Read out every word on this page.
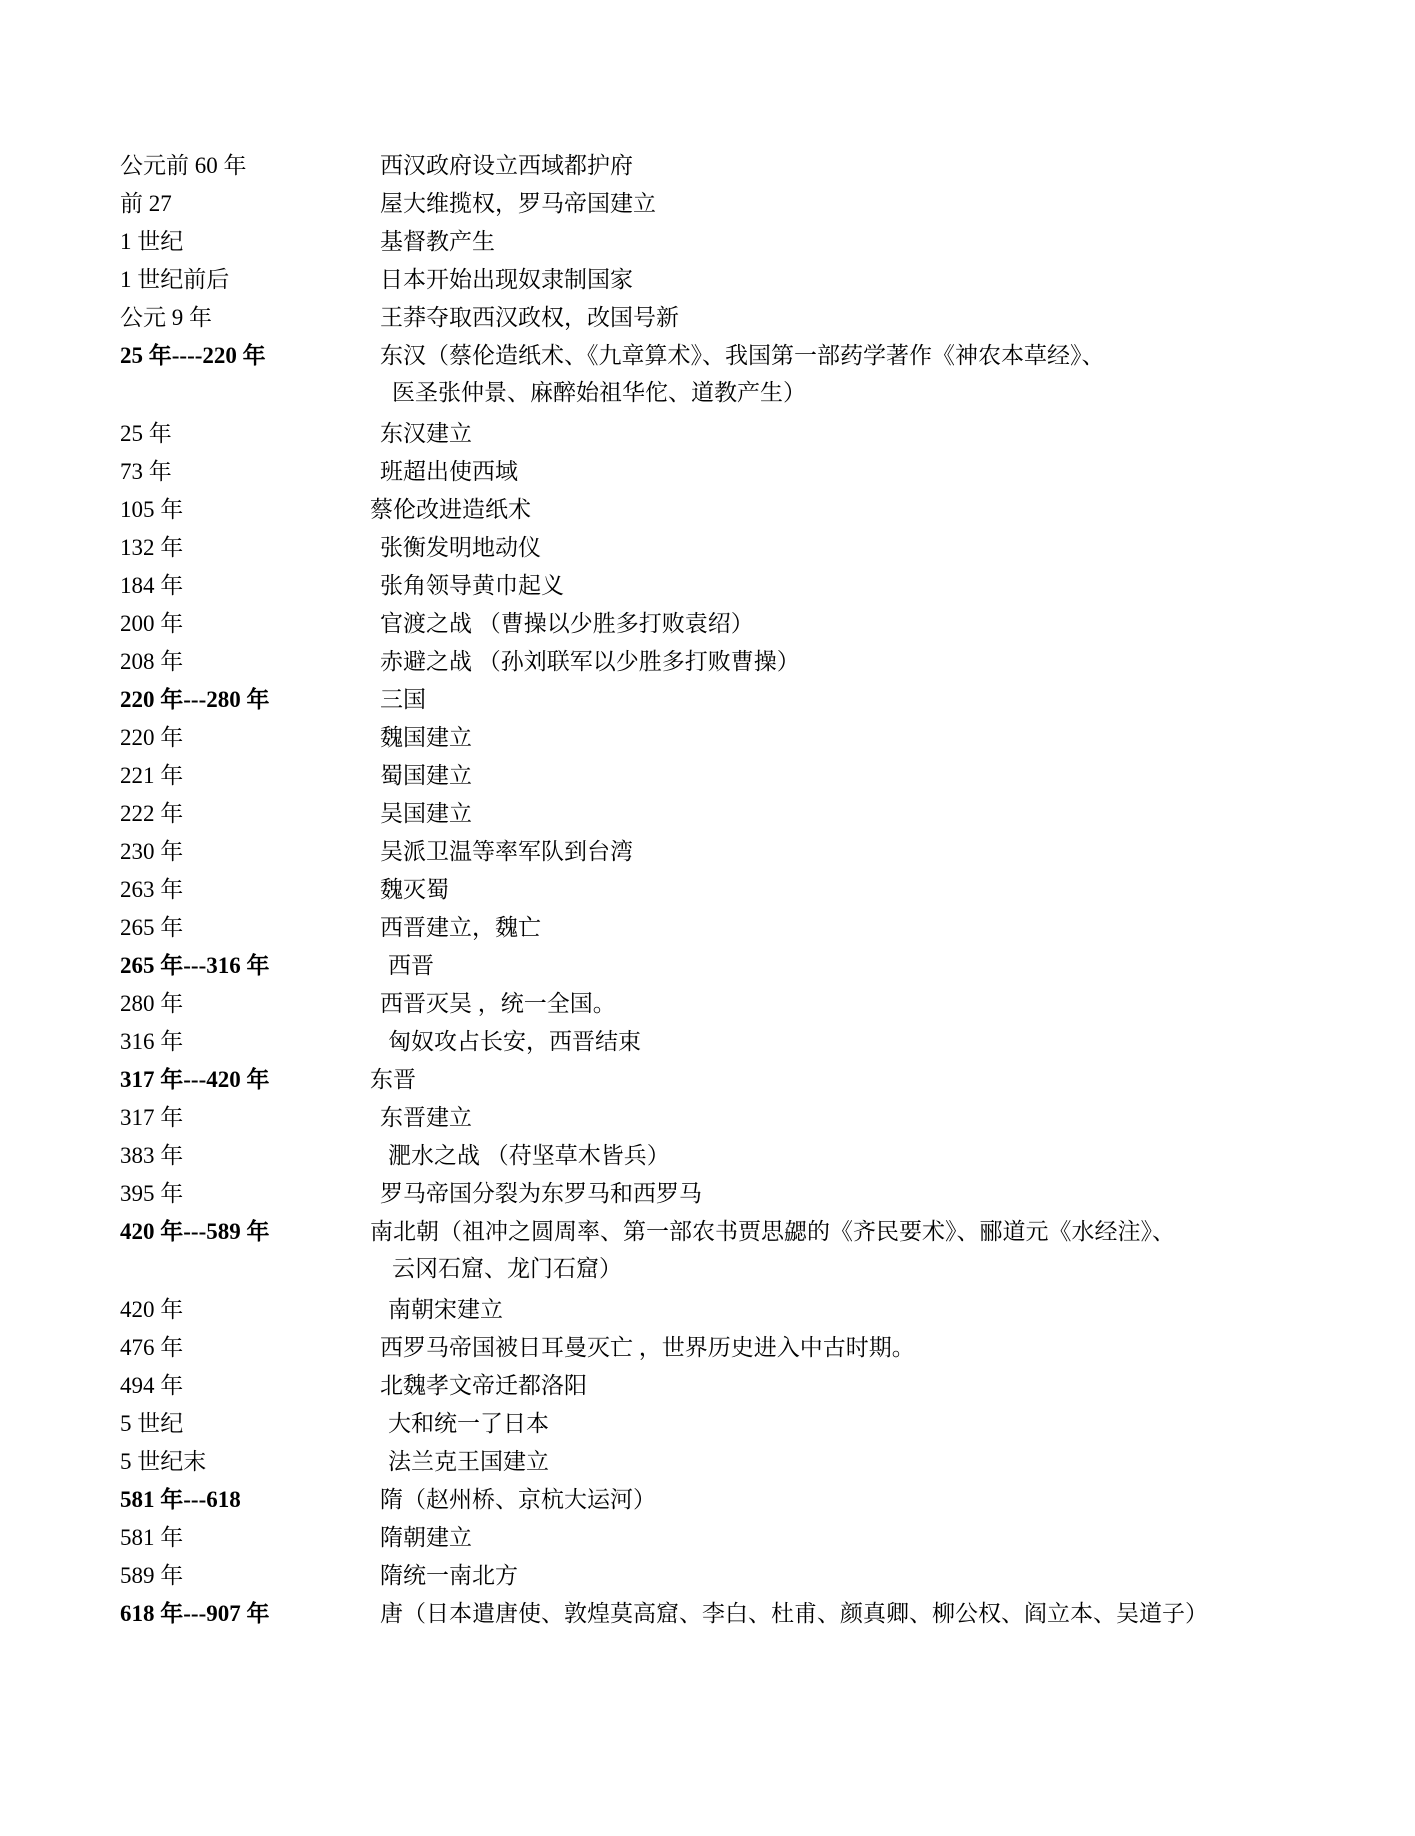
公元前 60 年	西汉政府设立西域都护府
前 27	屋大维揽权，罗马帝国建立
1 世纪	基督教产生
1 世纪前后	日本开始出现奴隶制国家
公元 9 年	王莽夺取西汉政权，改国号新
25 年----220 年	东汉（蔡伦造纸术、《九章算术》、我国第一部药学著作《神农本草经》、
医圣张仲景、麻醉始祖华佗、道教产生）
25 年	东汉建立
73 年	班超出使西域
105 年	蔡伦改进造纸术
132 年	张衡发明地动仪
184 年	张角领导黄巾起义
200 年	官渡之战 （曹操以少胜多打败袁绍）
208 年	赤避之战 （孙刘联军以少胜多打败曹操）
220 年---280 年	三国
220 年	魏国建立
221 年	蜀国建立
222 年	吴国建立
230 年	吴派卫温等率军队到台湾
263 年	魏灭蜀
265 年	西晋建立，魏亡
265 年---316 年	西晋
280 年	西晋灭吴 ，统一全国。
316 年	匈奴攻占长安，西晋结束
317 年---420 年	东晋
317 年	东晋建立
383 年	淝水之战 （苻坚草木皆兵）
395 年	罗马帝国分裂为东罗马和西罗马
420 年---589 年	南北朝（祖冲之圆周率、第一部农书贾思勰的《齐民要术》、郦道元《水经注》、
云冈石窟、龙门石窟）
420 年	南朝宋建立
476 年	西罗马帝国被日耳曼灭亡 ，世界历史进入中古时期。
494 年	北魏孝文帝迁都洛阳
5 世纪	大和统一了日本
5 世纪末	法兰克王国建立
581 年---618	隋（赵州桥、京杭大运河）
581 年	隋朝建立
589 年	隋统一南北方
618 年---907 年	唐（日本遣唐使、敦煌莫高窟、李白、杜甫、颜真卿、柳公权、阎立本、吴道子）
